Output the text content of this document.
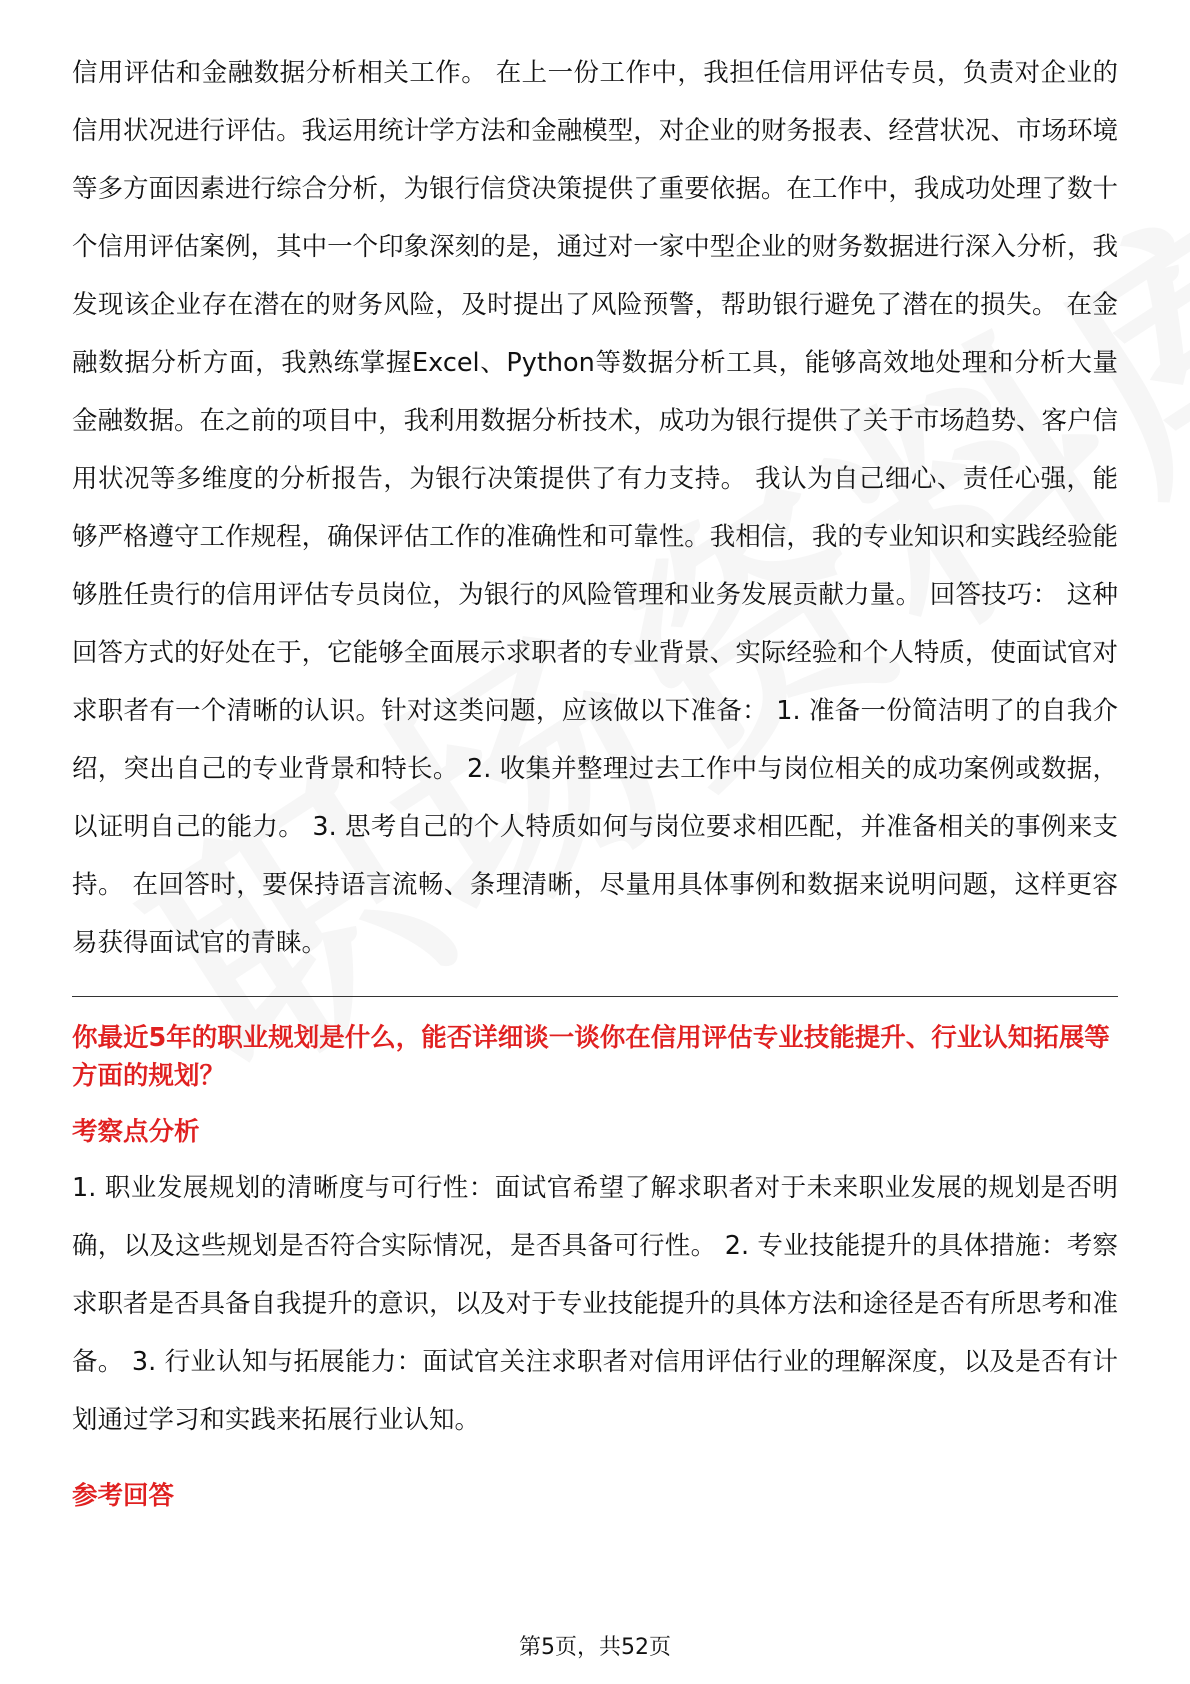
信用评估和金融数据分析相关工作。 在上一份工作中，我担任信用评估专员，负责对企业的信用状况进行评估。我运用统计学方法和金融模型，对企业的财务报表、经营状况、市场环境等多方面因素进行综合分析，为银行信贷决策提供了重要依据。在工作中，我成功处理了数十个信用评估案例，其中一个印象深刻的是，通过对一家中型企业的财务数据进行深入分析，我发现该企业存在潜在的财务风险，及时提出了风险预警，帮助银行避免了潜在的损失。 在金融数据分析方面，我熟练掌握Excel、Python等数据分析工具，能够高效地处理和分析大量金融数据。在之前的项目中，我利用数据分析技术，成功为银行提供了关于市场趋势、客户信用状况等多维度的分析报告，为银行决策提供了有力支持。 我认为自己细心、责任心强，能够严格遵守工作规程，确保评估工作的准确性和可靠性。我相信，我的专业知识和实践经验能够胜任贵行的信用评估专员岗位，为银行的风险管理和业务发展贡献力量。 回答技巧： 这种回答方式的好处在于，它能够全面展示求职者的专业背景、实际经验和个人特质，使面试官对求职者有一个清晰的认识。针对这类问题，应该做以下准备： 1. 准备一份简洁明了的自我介绍，突出自己的专业背景和特长。 2. 收集并整理过去工作中与岗位相关的成功案例或数据，以证明自己的能力。 3. 思考自己的个人特质如何与岗位要求相匹配，并准备相关的事例来支持。 在回答时，要保持语言流畅、条理清晰，尽量用具体事例和数据来说明问题，这样更容易获得面试官的青睐。

你最近5年的职业规划是什么，能否详细谈一谈你在信用评估专业技能提升、行业认知拓展等方面的规划？

考察点分析

1. 职业发展规划的清晰度与可行性：面试官希望了解求职者对于未来职业发展的规划是否明确，以及这些规划是否符合实际情况，是否具备可行性。 2. 专业技能提升的具体措施：考察求职者是否具备自我提升的意识，以及对于专业技能提升的具体方法和途径是否有所思考和准备。 3. 行业认知与拓展能力：面试官关注求职者对信用评估行业的理解深度，以及是否有计划通过学习和实践来拓展行业认知。

参考回答
第5页，共52页
